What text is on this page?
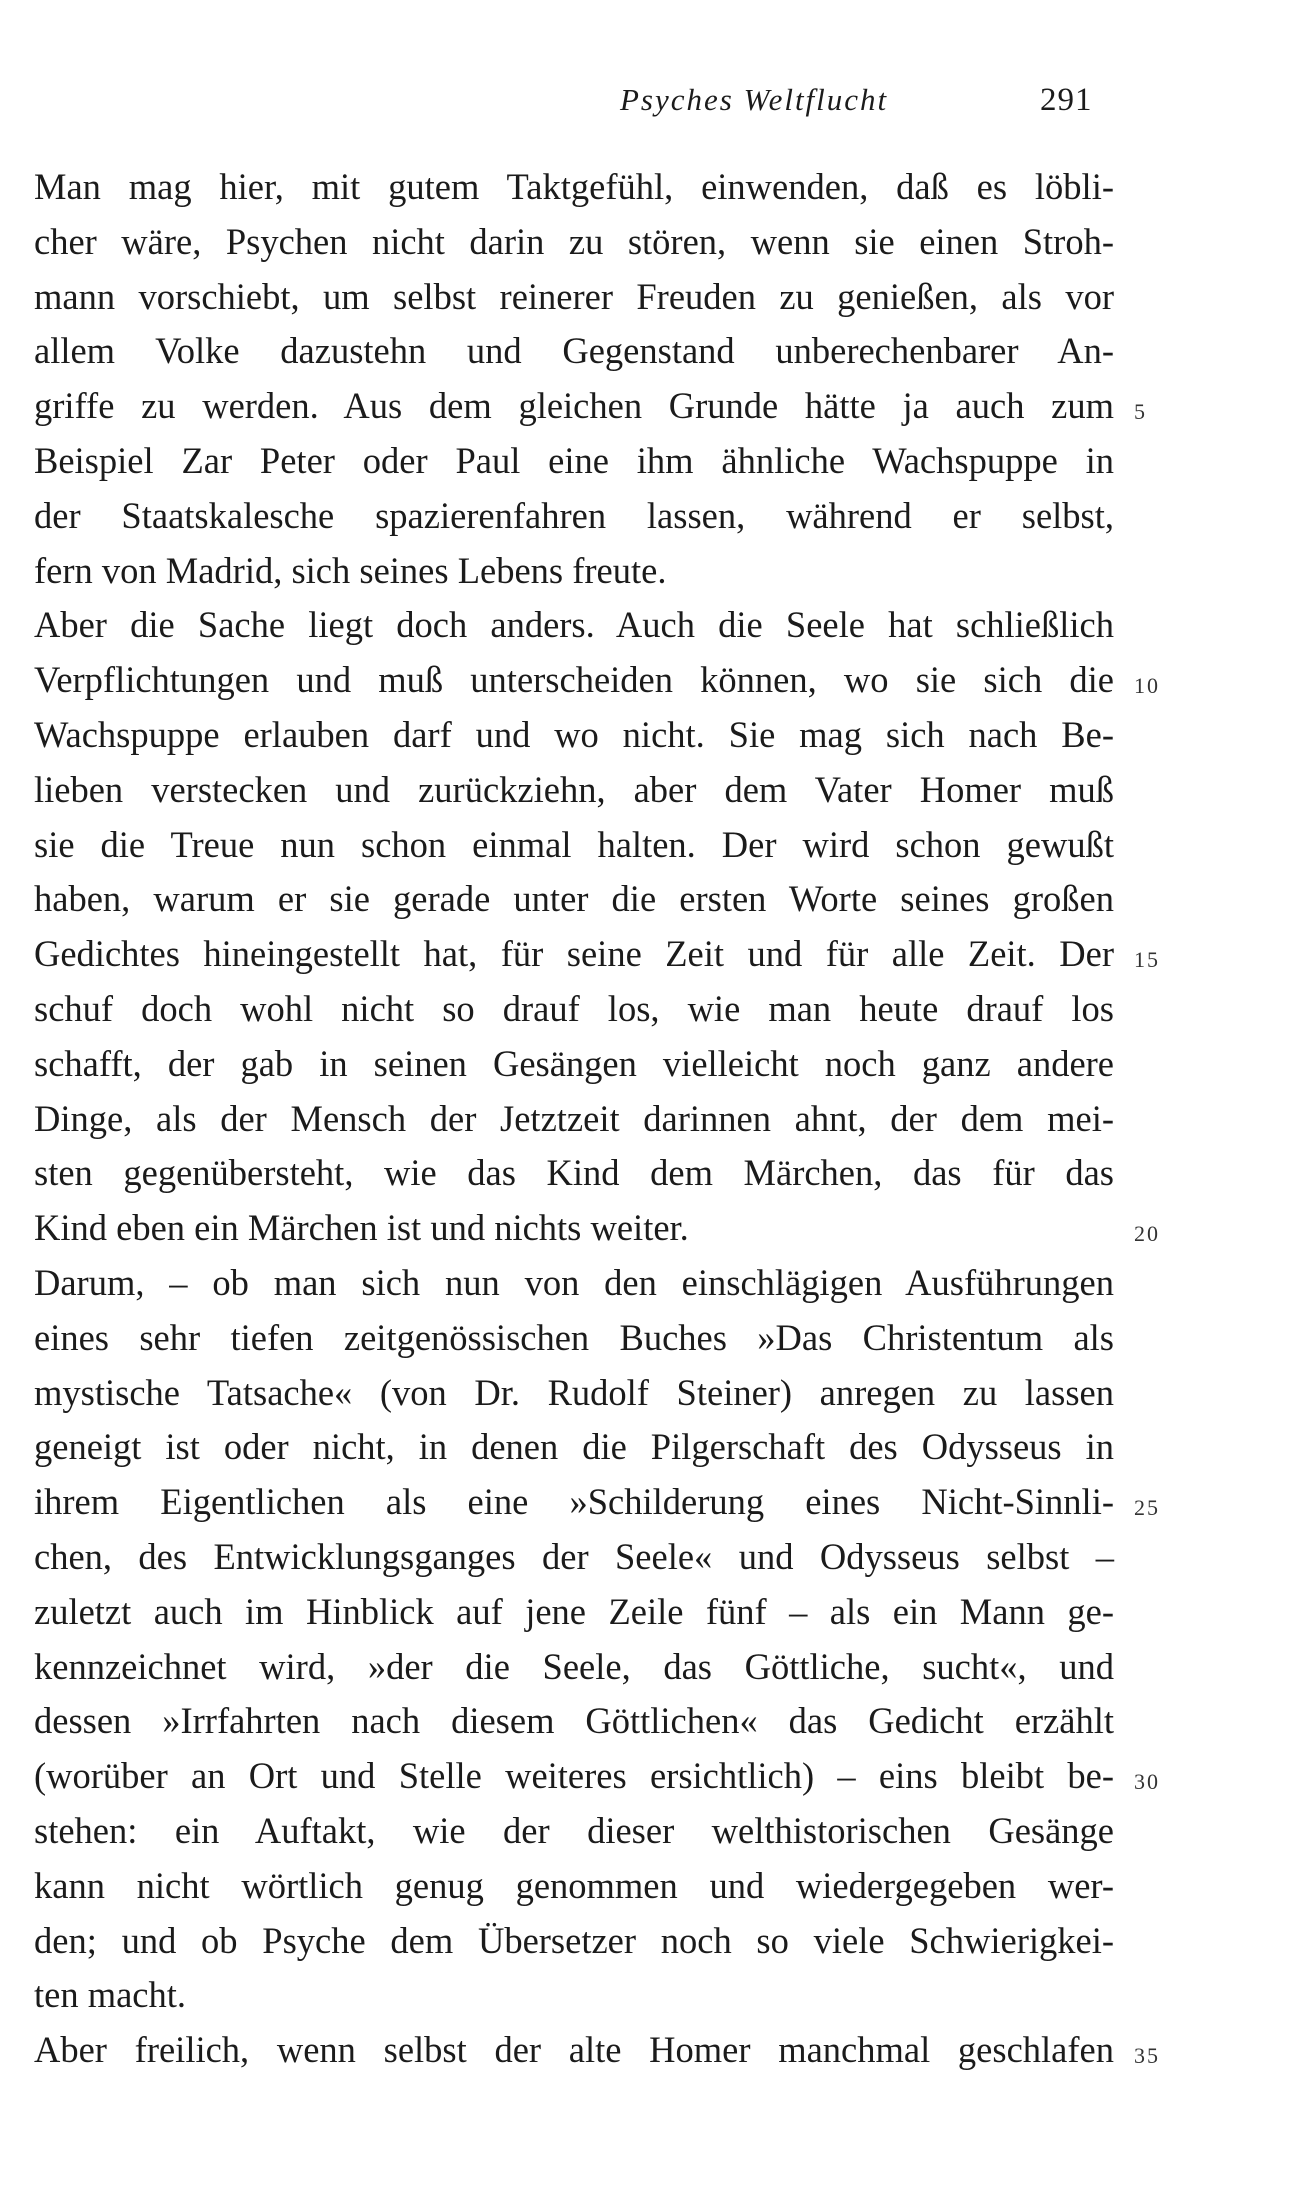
Psyches Weltflucht	291
Man mag hier, mit gutem Taktgefühl, einwenden, daß es löbli-
cher wäre, Psychen nicht darin zu stören, wenn sie einen Stroh-
mann vorschiebt, um selbst reinerer Freuden zu genießen, als vor
allem Volke dazustehn und Gegenstand unberechenbarer An-
griffe zu werden. Aus dem gleichen Grunde hätte ja auch zum 5
Beispiel Zar Peter oder Paul eine ihm ähnliche Wachspuppe in
der Staatskalesche spazierenfahren lassen, während er selbst,
fern von Madrid, sich seines Lebens freute.
Aber die Sache liegt doch anders. Auch die Seele hat schließlich
Verpflichtungen und muß unterscheiden können, wo sie sich die 10
Wachspuppe erlauben darf und wo nicht. Sie mag sich nach Be-
lieben verstecken und zurückziehn, aber dem Vater Homer muß
sie die Treue nun schon einmal halten. Der wird schon gewußt
haben, warum er sie gerade unter die ersten Worte seines großen
Gedichtes hineingestellt hat, für seine Zeit und für alle Zeit. Der 15
schuf doch wohl nicht so drauf los, wie man heute drauf los
schafft, der gab in seinen Gesängen vielleicht noch ganz andere
Dinge, als der Mensch der Jetztzeit darinnen ahnt, der dem mei-
sten gegenübersteht, wie das Kind dem Märchen, das für das
Kind eben ein Märchen ist und nichts weiter.	20
Darum, – ob man sich nun von den einschlägigen Ausführungen
eines sehr tiefen zeitgenössischen Buches »Das Christentum als
mystische Tatsache« (von Dr. Rudolf Steiner) anregen zu lassen
geneigt ist oder nicht, in denen die Pilgerschaft des Odysseus in
ihrem Eigentlichen als eine »Schilderung eines Nicht-Sinnli- 25
chen, des Entwicklungsganges der Seele« und Odysseus selbst –
zuletzt auch im Hinblick auf jene Zeile fünf – als ein Mann ge-
kennzeichnet wird, »der die Seele, das Göttliche, sucht«, und
dessen »Irrfahrten nach diesem Göttlichen« das Gedicht erzählt
(worüber an Ort und Stelle weiteres ersichtlich) – eins bleibt be- 30
stehen: ein Auftakt, wie der dieser welthistorischen Gesänge
kann nicht wörtlich genug genommen und wiedergegeben wer-
den; und ob Psyche dem Übersetzer noch so viele Schwierigkei-
ten macht.
Aber freilich, wenn selbst der alte Homer manchmal geschlafen 35
